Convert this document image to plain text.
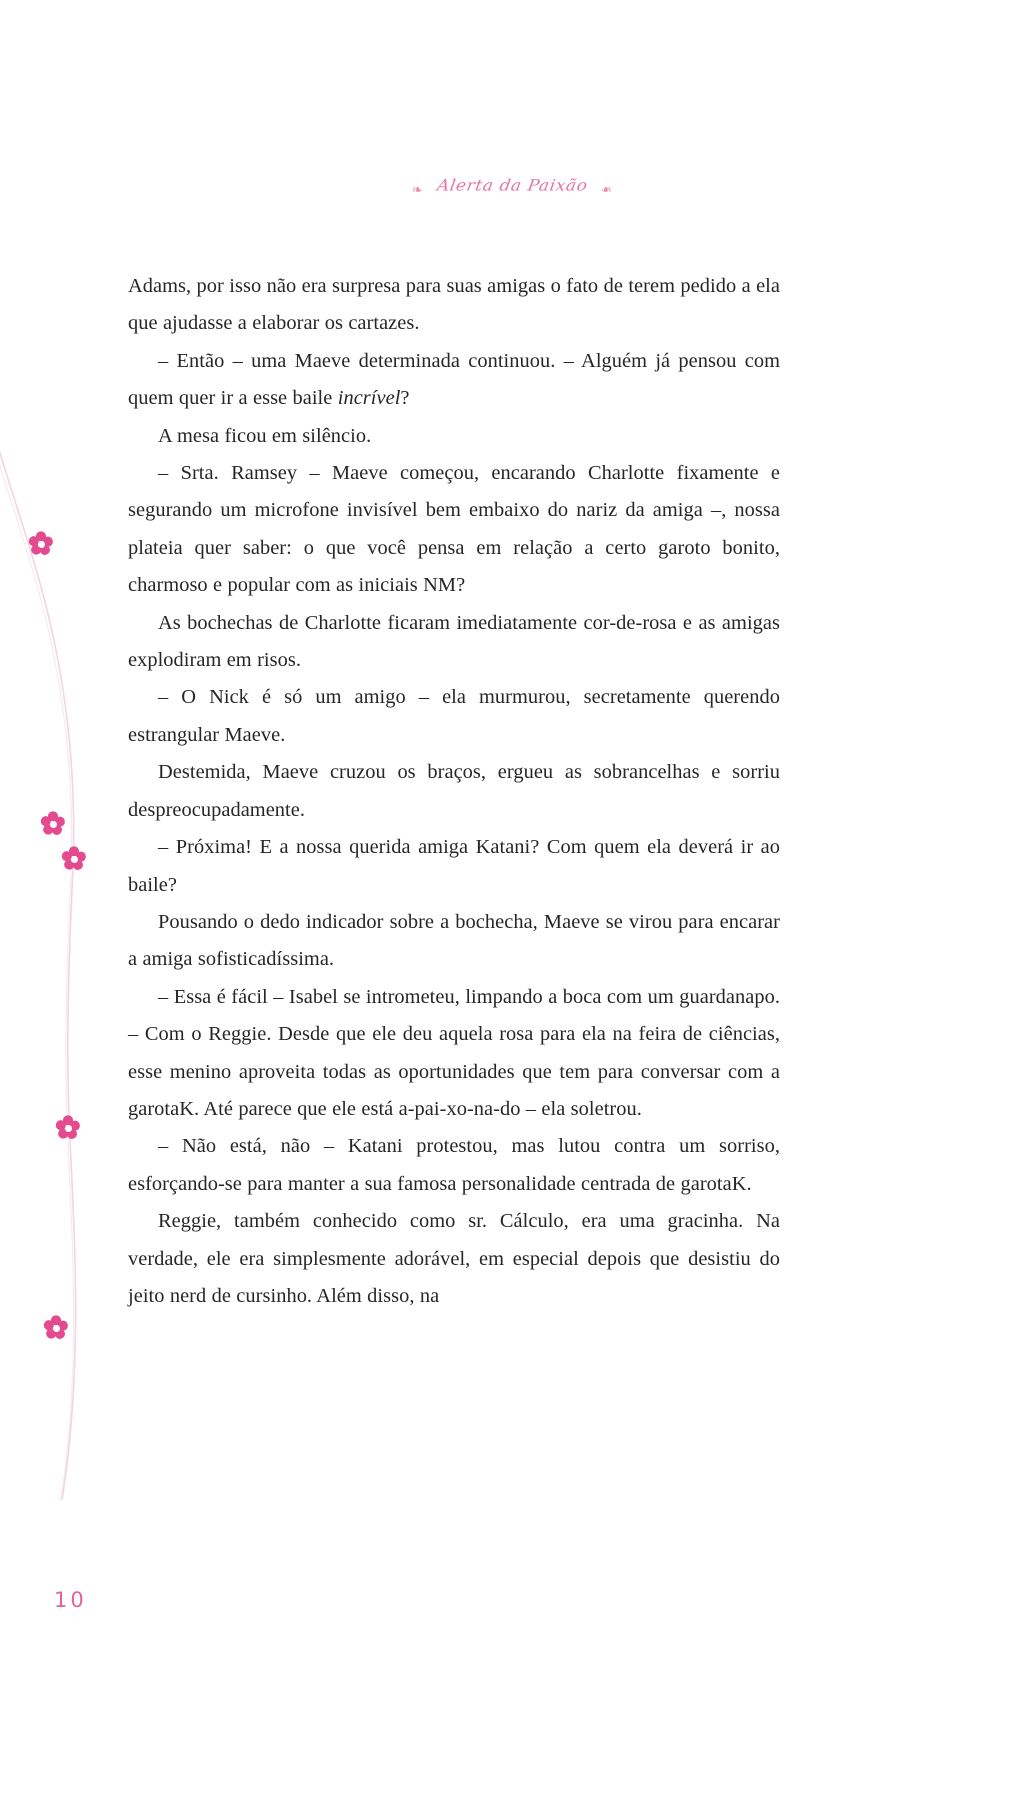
❧ Alerta da Paixão ❧

Adams, por isso não era surpresa para suas amigas o fato de terem pedido a ela que ajudasse a elaborar os cartazes.

– Então – uma Maeve determinada continuou. – Alguém já pensou com quem quer ir a esse baile incrível?

A mesa ficou em silêncio.

– Srta. Ramsey – Maeve começou, encarando Charlotte fixamente e segurando um microfone invisível bem embaixo do nariz da amiga –, nossa plateia quer saber: o que você pensa em relação a certo garoto bonito, charmoso e popular com as iniciais NM?

As bochechas de Charlotte ficaram imediatamente cor-de-rosa e as amigas explodiram em risos.

– O Nick é só um amigo – ela murmurou, secretamente querendo estrangular Maeve.

Destemida, Maeve cruzou os braços, ergueu as sobrancelhas e sorriu despreocupadamente.

– Próxima! E a nossa querida amiga Katani? Com quem ela deverá ir ao baile?

Pousando o dedo indicador sobre a bochecha, Maeve se virou para encarar a amiga sofisticadíssima.

– Essa é fácil – Isabel se intrometeu, limpando a boca com um guardanapo. – Com o Reggie. Desde que ele deu aquela rosa para ela na feira de ciências, esse menino aproveita todas as oportunidades que tem para conversar com a garotaK. Até parece que ele está a-pai-xo-na-do – ela soletrou.

– Não está, não – Katani protestou, mas lutou contra um sorriso, esforçando-se para manter a sua famosa personalidade centrada de garotaK.

Reggie, também conhecido como sr. Cálculo, era uma gracinha. Na verdade, ele era simplesmente adorável, em especial depois que desistiu do jeito nerd de cursinho. Além disso, na

10
